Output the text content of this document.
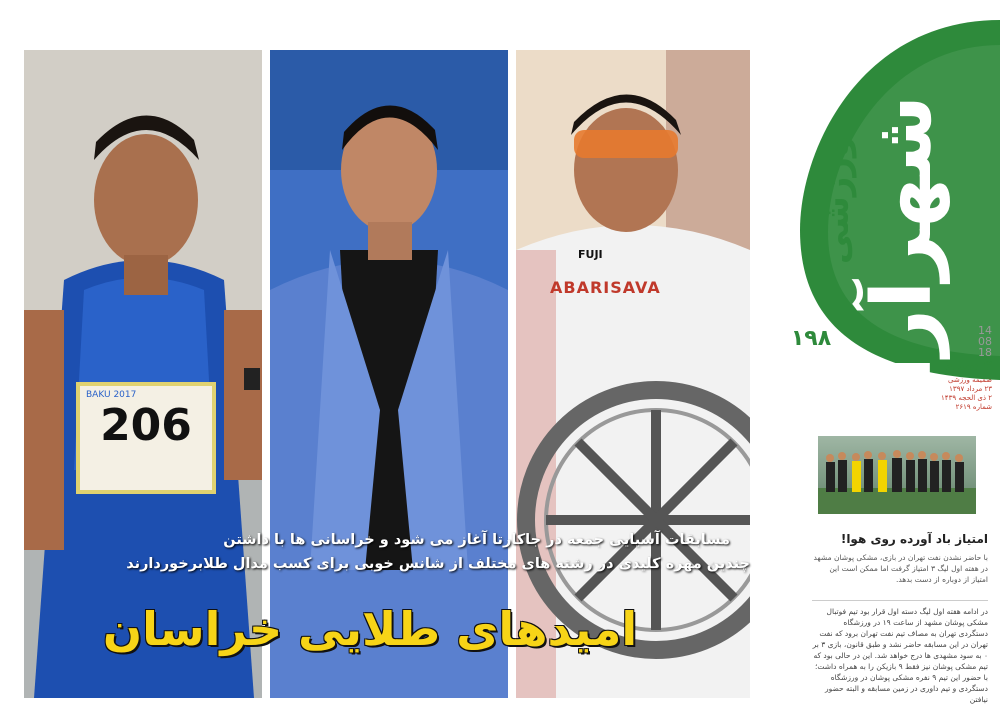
شهرآرا
ورزشی
۱۹۸	14
08
18
۳ شنبه
ضمیمه ورزشی
۲۳ مرداد ۱۳۹۷
۲ ذی الحجه ۱۴۳۹
شماره ۲۶۱۹
امتیاز باد آورده روی هوا!
با حاضر نشدن نفت تهران در بازی، مشکی پوشان مشهد در هفته اول لیگ ۳ امتیاز گرفت اما ممکن است این امتیاز از دوباره از دست بدهد.
در ادامه هفته اول لیگ دسته اول قرار بود تیم فوتبال مشکی پوشان مشهد از ساعت ۱۹ در ورزشگاه دستگردی تهران به مصاف تیم نفت تهران برود که نفت تهران در این مسابقه حاضر نشد و طبق قانون، بازی ۳ بر ۰ به سود مشهدی ها درج خواهد شد. این در حالی بود که تیم مشکی پوشان نیز فقط ۹ بازیکن را به همراه داشت؛ با حضور این تیم ۹ نفره مشکی پوشان در ورزشگاه دستگردی و تیم داوری در زمین مسابقه و البته حضور نیافتن
BAKU 2017
206
FUJI
ABARISAVA
مسابقات آسیایی جمعه در جاکارتا آغاز می شود و خراسانی ها با داشتن
چندین مهره کلیدی در رشته های مختلف از شانس خوبی برای کسب مدال طلابرخوردارند
امیدهای طلایی خراسان
